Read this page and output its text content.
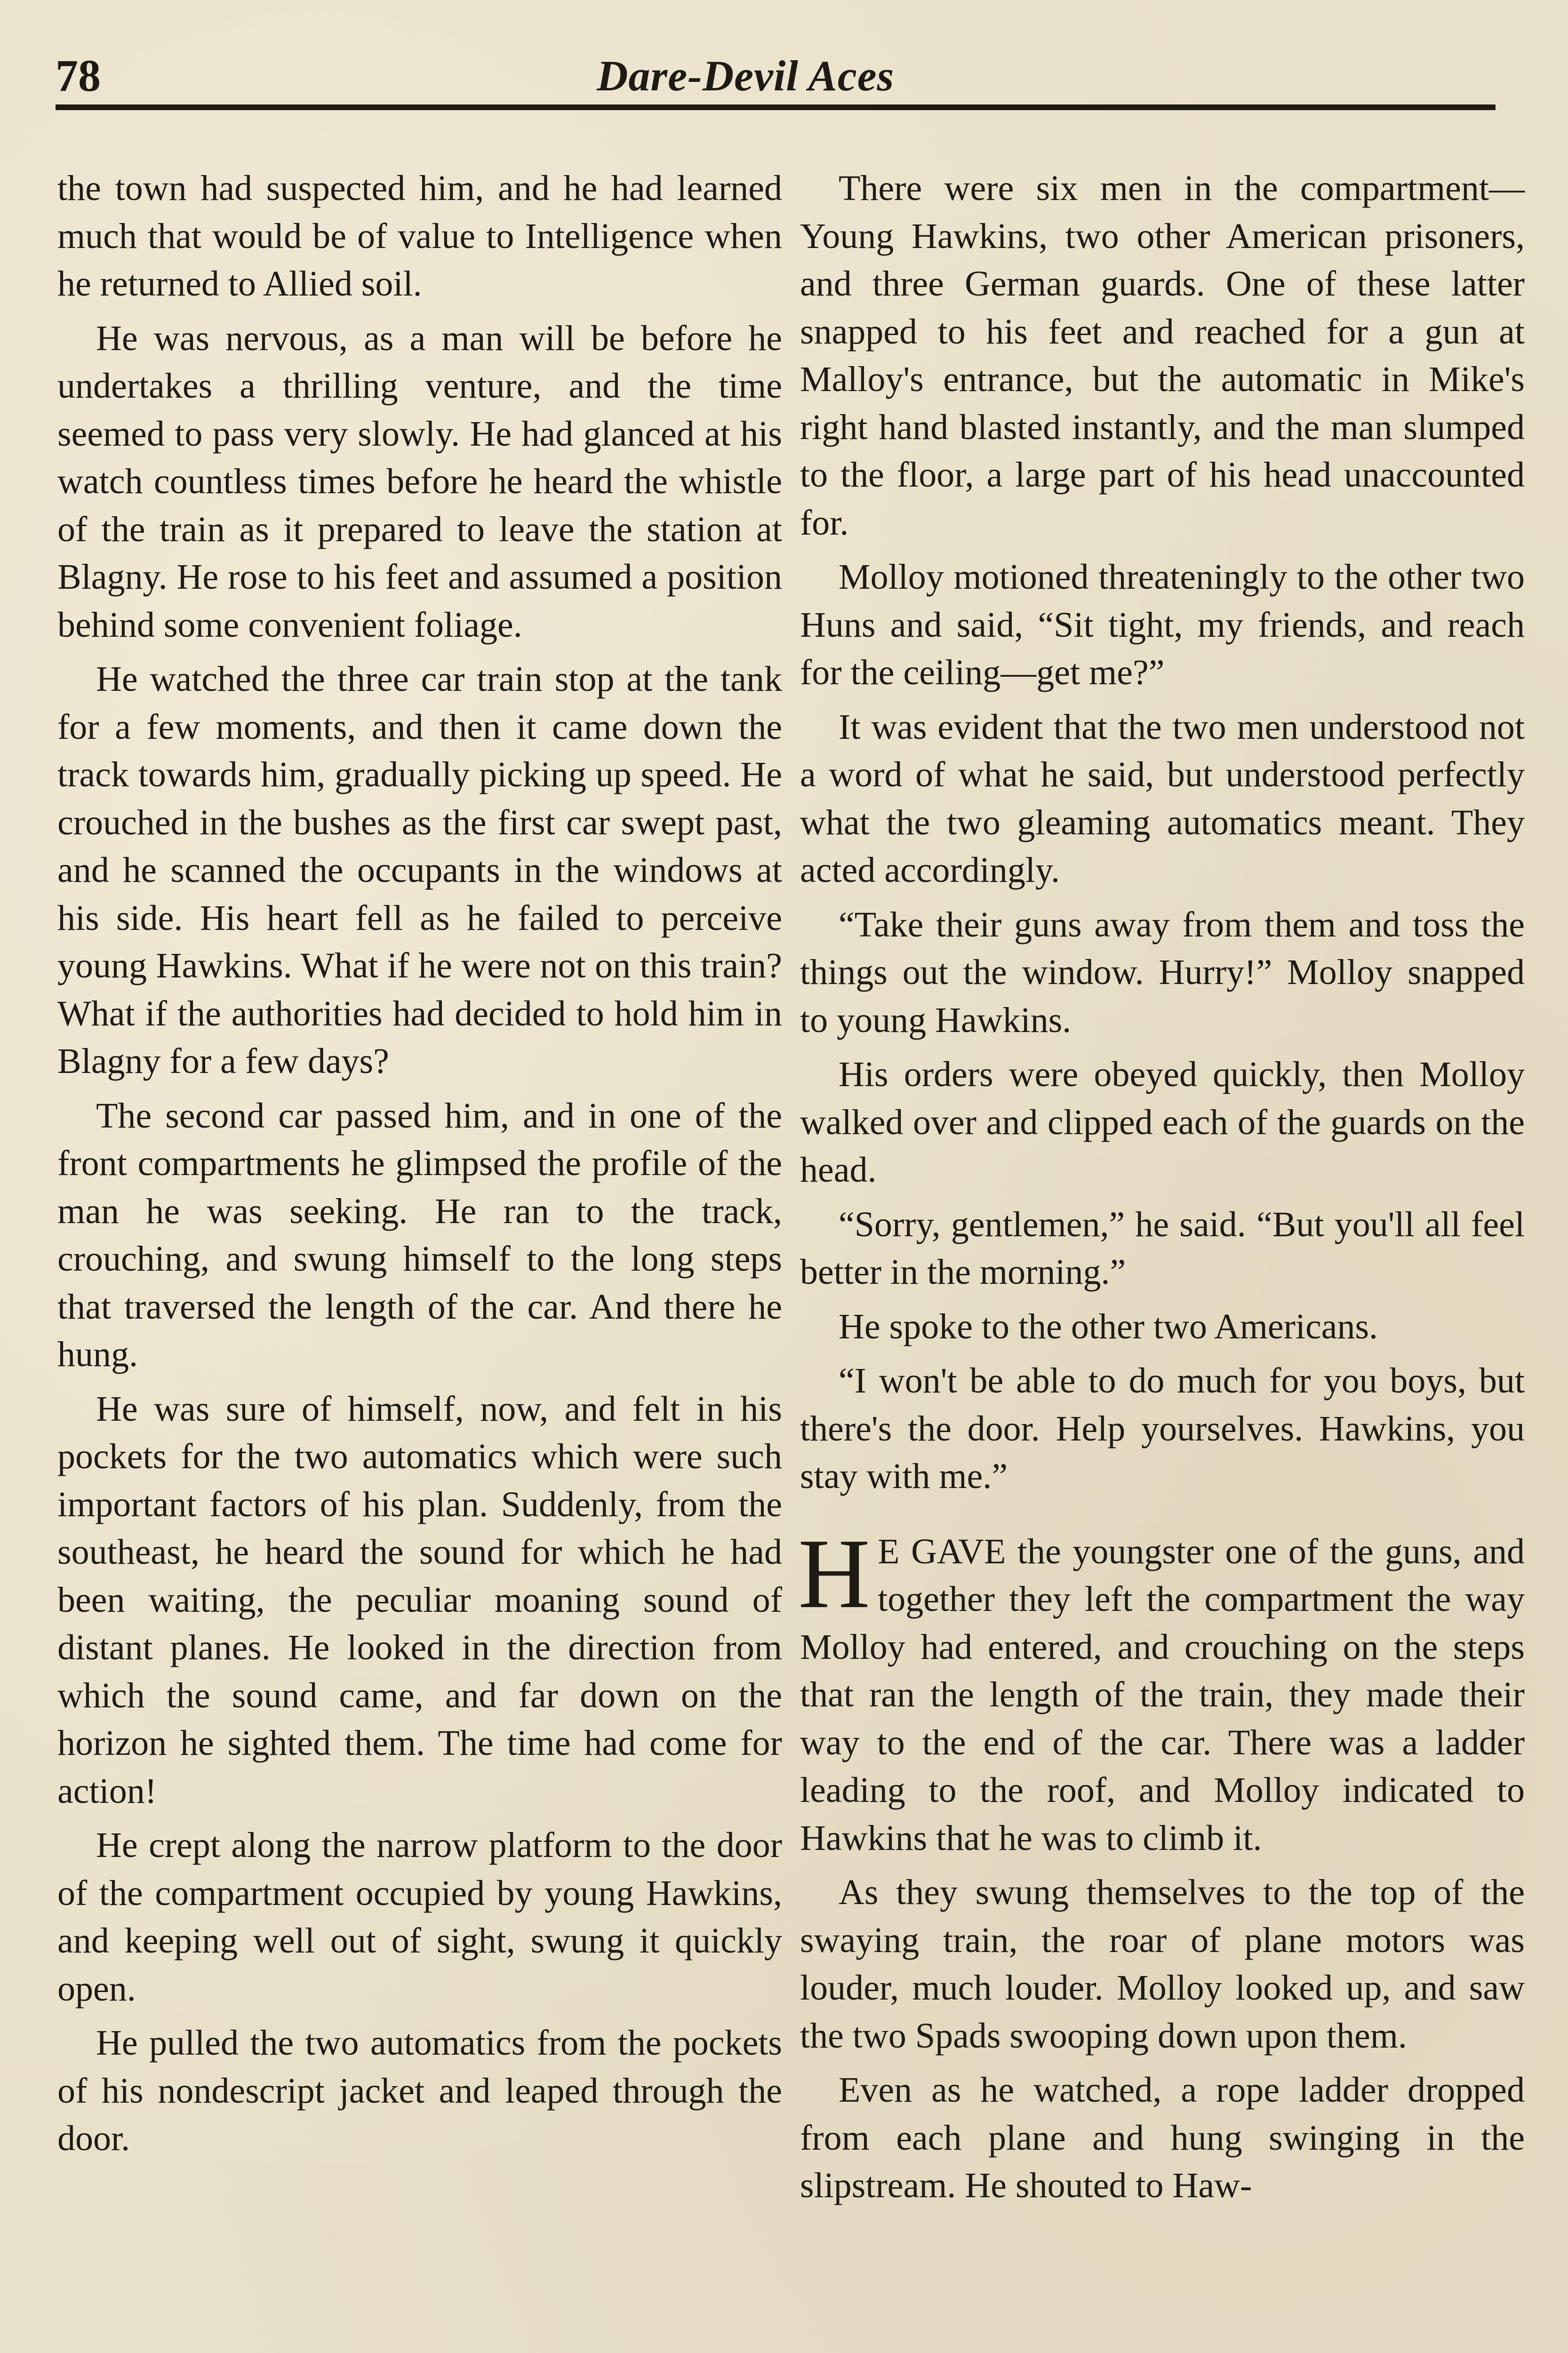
78	Dare-Devil Aces

the town had suspected him, and he had learned much that would be of value to Intelligence when he returned to Allied soil.

He was nervous, as a man will be before he undertakes a thrilling venture, and the time seemed to pass very slowly. He had glanced at his watch countless times before he heard the whistle of the train as it prepared to leave the station at Blagny. He rose to his feet and assumed a position behind some convenient foliage.

He watched the three car train stop at the tank for a few moments, and then it came down the track towards him, gradually picking up speed. He crouched in the bushes as the first car swept past, and he scanned the occupants in the windows at his side. His heart fell as he failed to perceive young Hawkins. What if he were not on this train? What if the authorities had decided to hold him in Blagny for a few days?

The second car passed him, and in one of the front compartments he glimpsed the profile of the man he was seeking. He ran to the track, crouching, and swung himself to the long steps that traversed the length of the car. And there he hung.

He was sure of himself, now, and felt in his pockets for the two automatics which were such important factors of his plan. Suddenly, from the southeast, he heard the sound for which he had been waiting, the peculiar moaning sound of distant planes. He looked in the direction from which the sound came, and far down on the horizon he sighted them. The time had come for action!

He crept along the narrow platform to the door of the compartment occupied by young Hawkins, and keeping well out of sight, swung it quickly open.

He pulled the two automatics from the pockets of his nondescript jacket and leaped through the door.

There were six men in the compartment—Young Hawkins, two other American prisoners, and three German guards. One of these latter snapped to his feet and reached for a gun at Malloy's entrance, but the automatic in Mike's right hand blasted instantly, and the man slumped to the floor, a large part of his head unaccounted for.

Molloy motioned threateningly to the other two Huns and said, “Sit tight, my friends, and reach for the ceiling—get me?”

It was evident that the two men understood not a word of what he said, but understood perfectly what the two gleaming automatics meant. They acted accordingly.

“Take their guns away from them and toss the things out the window. Hurry!” Molloy snapped to young Hawkins.

His orders were obeyed quickly, then Molloy walked over and clipped each of the guards on the head.

“Sorry, gentlemen,” he said. “But you'll all feel better in the morning.”

He spoke to the other two Americans.

“I won't be able to do much for you boys, but there's the door. Help yourselves. Hawkins, you stay with me.”

H E GAVE the youngster one of the guns, and together they left the compartment the way Molloy had entered, and crouching on the steps that ran the length of the train, they made their way to the end of the car. There was a ladder leading to the roof, and Molloy indicated to Hawkins that he was to climb it.

As they swung themselves to the top of the swaying train, the roar of plane motors was louder, much louder. Molloy looked up, and saw the two Spads swooping down upon them.

Even as he watched, a rope ladder dropped from each plane and hung swinging in the slipstream. He shouted to Haw-
